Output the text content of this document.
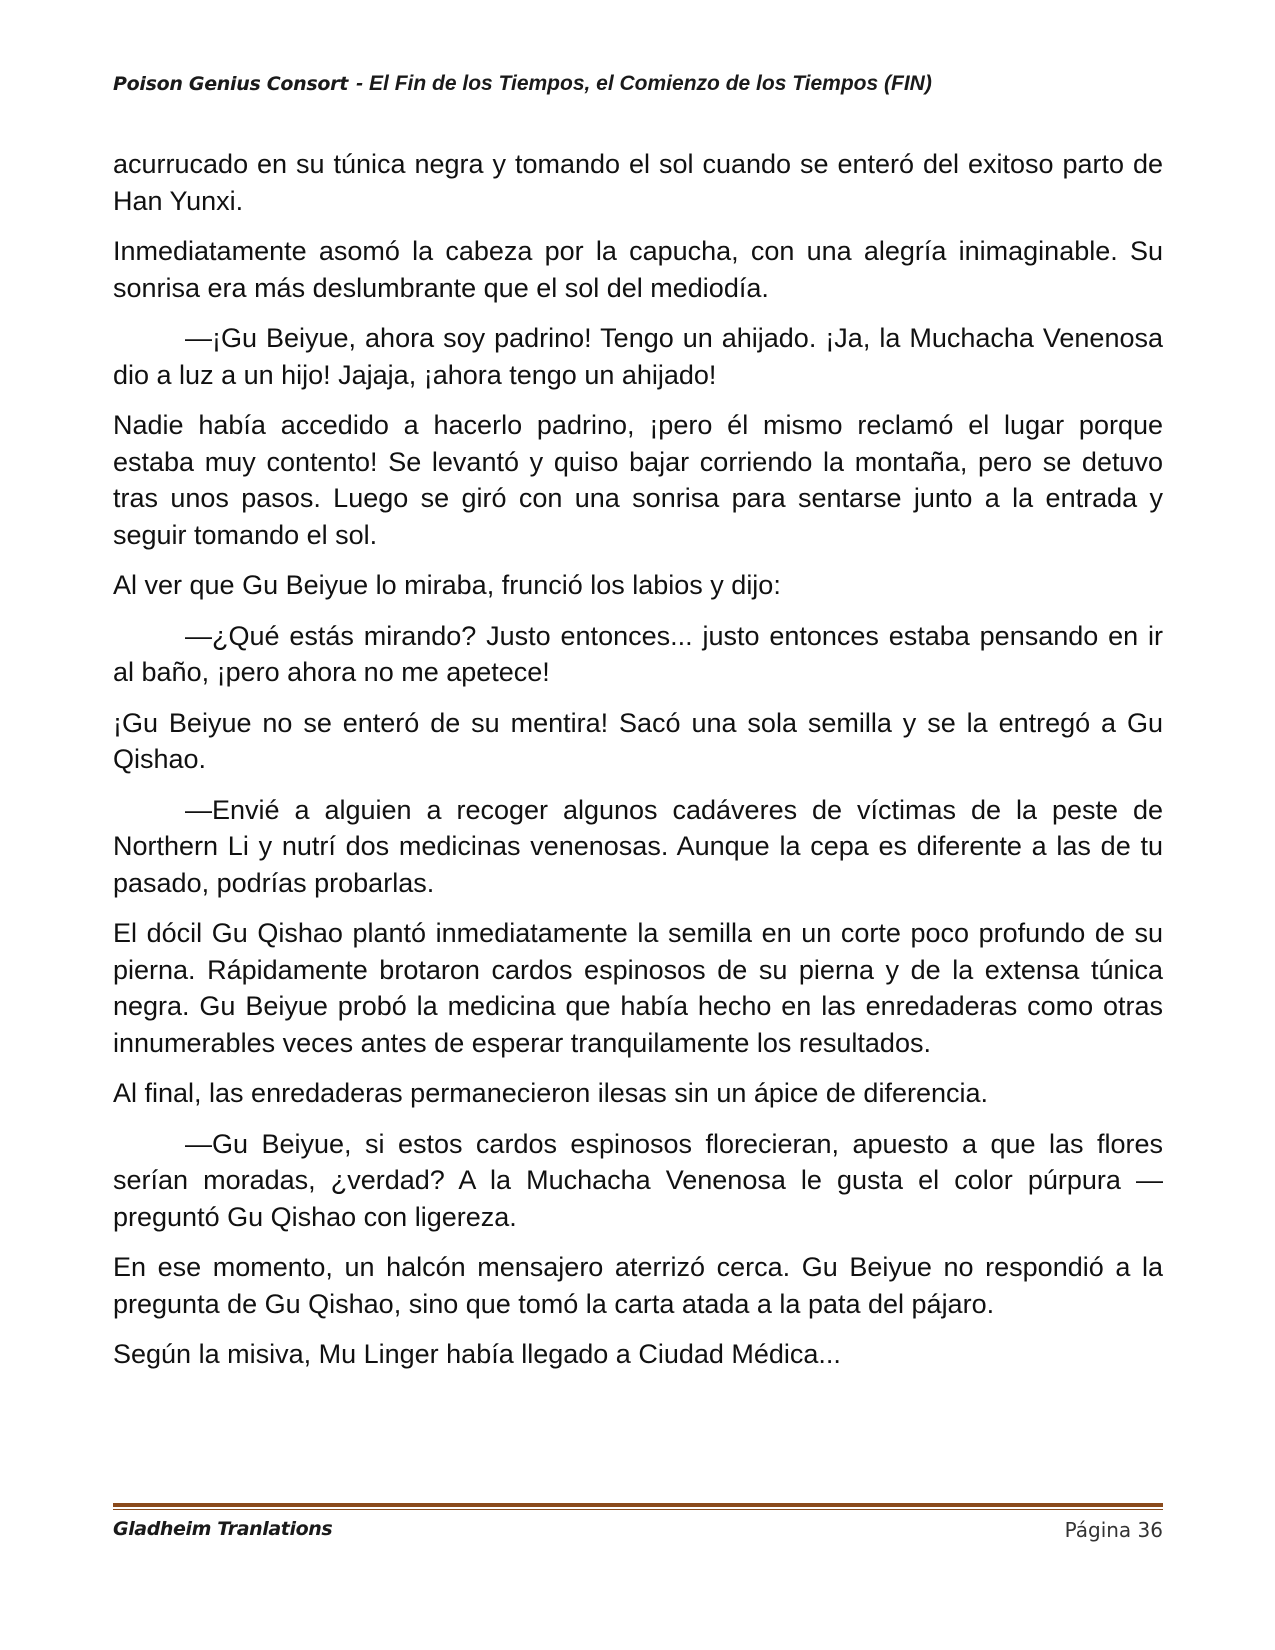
Poison Genius Consort - El Fin de los Tiempos, el Comienzo de los Tiempos (FIN)

acurrucado en su túnica negra y tomando el sol cuando se enteró del exitoso parto de Han Yunxi.

Inmediatamente asomó la cabeza por la capucha, con una alegría inimaginable. Su sonrisa era más deslumbrante que el sol del mediodía.

—¡Gu Beiyue, ahora soy padrino! Tengo un ahijado. ¡Ja, la Muchacha Venenosa dio a luz a un hijo! Jajaja, ¡ahora tengo un ahijado!

Nadie había accedido a hacerlo padrino, ¡pero él mismo reclamó el lugar porque estaba muy contento! Se levantó y quiso bajar corriendo la montaña, pero se detuvo tras unos pasos. Luego se giró con una sonrisa para sentarse junto a la entrada y seguir tomando el sol.

Al ver que Gu Beiyue lo miraba, frunció los labios y dijo:

—¿Qué estás mirando? Justo entonces... justo entonces estaba pensando en ir al baño, ¡pero ahora no me apetece!

¡Gu Beiyue no se enteró de su mentira! Sacó una sola semilla y se la entregó a Gu Qishao.

—Envié a alguien a recoger algunos cadáveres de víctimas de la peste de Northern Li y nutrí dos medicinas venenosas. Aunque la cepa es diferente a las de tu pasado, podrías probarlas.

El dócil Gu Qishao plantó inmediatamente la semilla en un corte poco profundo de su pierna. Rápidamente brotaron cardos espinosos de su pierna y de la extensa túnica negra. Gu Beiyue probó la medicina que había hecho en las enredaderas como otras innumerables veces antes de esperar tranquilamente los resultados.

Al final, las enredaderas permanecieron ilesas sin un ápice de diferencia.

—Gu Beiyue, si estos cardos espinosos florecieran, apuesto a que las flores serían moradas, ¿verdad? A la Muchacha Venenosa le gusta el color púrpura —preguntó Gu Qishao con ligereza.

En ese momento, un halcón mensajero aterrizó cerca. Gu Beiyue no respondió a la pregunta de Gu Qishao, sino que tomó la carta atada a la pata del pájaro.

Según la misiva, Mu Linger había llegado a Ciudad Médica...

Gladheim Tranlations	Página 36
